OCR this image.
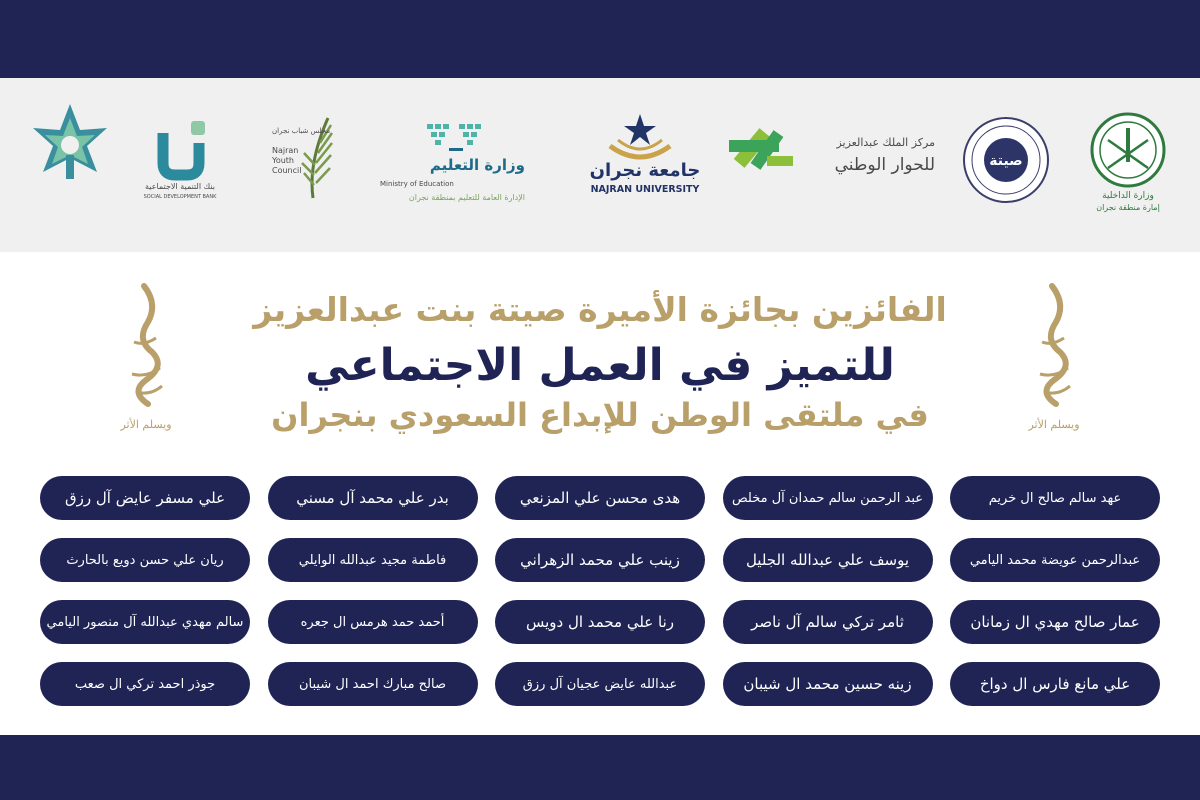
بنك التنمية الاجتماعية
SOCIAL DEVELOPMENT BANK
مجلس شباب نجران
Najran
Youth
Council	وزارة التعليم
Ministry of Education
الإدارة العامة للتعليم بمنطقة نجران
جامعة نجران
NAJRAN UNIVERSITY
مركز الملك عبدالعزيز
للحوار الوطني	صيتة
وزارة الداخلية
إمارة منطقة نجران
ويسلم الأثر	ويسلم الأثر
الفائزين بجائزة الأميرة صيتة بنت عبدالعزيز
للتميز في العمل الاجتماعي
في ملتقى الوطن للإبداع السعودي بنجران
عهد سالم صالح ال خريم
عبد الرحمن سالم حمدان آل مخلص
هدى محسن علي المزنعي
بدر علي محمد آل مسني
علي مسفر عايض آل رزق
عبدالرحمن عويضة محمد اليامي
يوسف علي عبدالله الجليل
زينب علي محمد الزهراني
فاطمة مجيد عبدالله الوايلي
ريان علي حسن دويع بالحارث
عمار صالح مهدي ال زمانان
ثامر تركي سالم آل ناصر
رنا علي محمد ال دويس
أحمد حمد هرمس ال جعره
سالم مهدي عبدالله آل منصور اليامي
علي مانع فارس ال دواخ
زينه حسين محمد ال شيبان
عبدالله عايض عجيان آل رزق
صالح مبارك احمد ال شيبان
جوذر احمد تركي ال صعب
